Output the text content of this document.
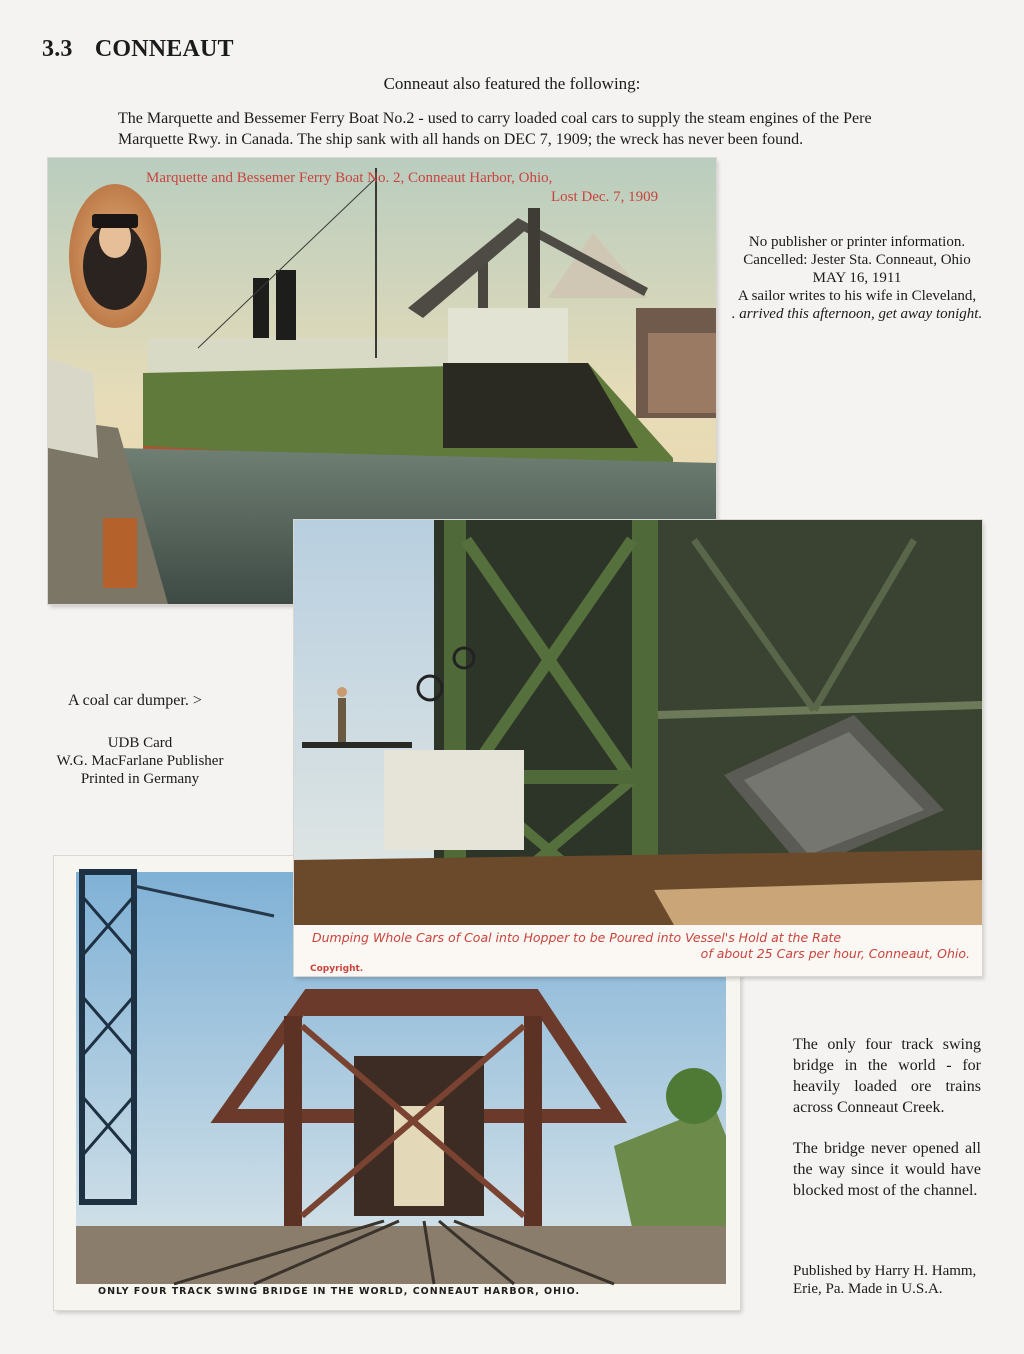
3.3 CONNEAUT
Conneaut also featured the following:
The Marquette and Bessemer Ferry Boat No.2 - used to carry loaded coal cars to supply the steam engines of the Pere Marquette Rwy. in Canada. The ship sank with all hands on DEC 7, 1909; the wreck has never been found.
Marquette and Bessemer Ferry Boat No. 2, Conneaut Harbor, Ohio,
Lost Dec. 7, 1909
No publisher or printer information.
Cancelled: Jester Sta. Conneaut, Ohio
MAY 16, 1911
A sailor writes to his wife in Cleveland,
. arrived this afternoon, get away tonight.
Dumping Whole Cars of Coal into Hopper to be Poured into Vessel's Hold at the Rate
of about 25 Cars per hour, Conneaut, Ohio.
Copyright.
A coal car dumper. >
UDB Card
W.G. MacFarlane Publisher
Printed in Germany
ONLY FOUR TRACK SWING BRIDGE IN THE WORLD, CONNEAUT HARBOR, OHIO.
The only four track swing bridge in the world - for heavily loaded ore trains across Conneaut Creek.
The bridge never opened all the way since it would have blocked most of the channel.
Published by Harry H. Hamm,
Erie, Pa. Made in U.S.A.
